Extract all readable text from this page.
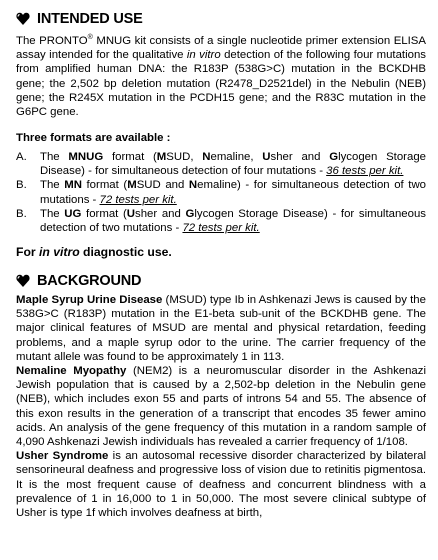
INTENDED USE
The PRONTO® MNUG kit consists of a single nucleotide primer extension ELISA assay intended for the qualitative in vitro detection of the following four mutations from amplified human DNA: the R183P (538G>C) mutation in the BCKDHB gene; the 2,502 bp deletion mutation (R2478_D2521del) in the Nebulin (NEB) gene; the R245X mutation in the PCDH15 gene; and the R83C mutation in the G6PC gene.
Three formats are available :
A. The MNUG format (MSUD, Nemaline, Usher and Glycogen Storage Disease) - for simultaneous detection of four mutations - 36 tests per kit.
B. The MN format (MSUD and Nemaline) - for simultaneous detection of two mutations - 72 tests per kit.
B. The UG format (Usher and Glycogen Storage Disease) - for simultaneous detection of two mutations - 72 tests per kit.
For in vitro diagnostic use.
BACKGROUND
Maple Syrup Urine Disease (MSUD) type Ib in Ashkenazi Jews is caused by the 538G>C (R183P) mutation in the E1-beta sub-unit of the BCKDHB gene. The major clinical features of MSUD are mental and physical retardation, feeding problems, and a maple syrup odor to the urine. The carrier frequency of the mutant allele was found to be approximately 1 in 113.
Nemaline Myopathy (NEM2) is a neuromuscular disorder in the Ashkenazi Jewish population that is caused by a 2,502-bp deletion in the Nebulin gene (NEB), which includes exon 55 and parts of introns 54 and 55. The absence of this exon results in the generation of a transcript that encodes 35 fewer amino acids. An analysis of the gene frequency of this mutation in a random sample of 4,090 Ashkenazi Jewish individuals has revealed a carrier frequency of 1/108.
Usher Syndrome is an autosomal recessive disorder characterized by bilateral sensorineural deafness and progressive loss of vision due to retinitis pigmentosa. It is the most frequent cause of deafness and concurrent blindness with a prevalence of 1 in 16,000 to 1 in 50,000. The most severe clinical subtype of Usher is type 1f which involves deafness at birth,
